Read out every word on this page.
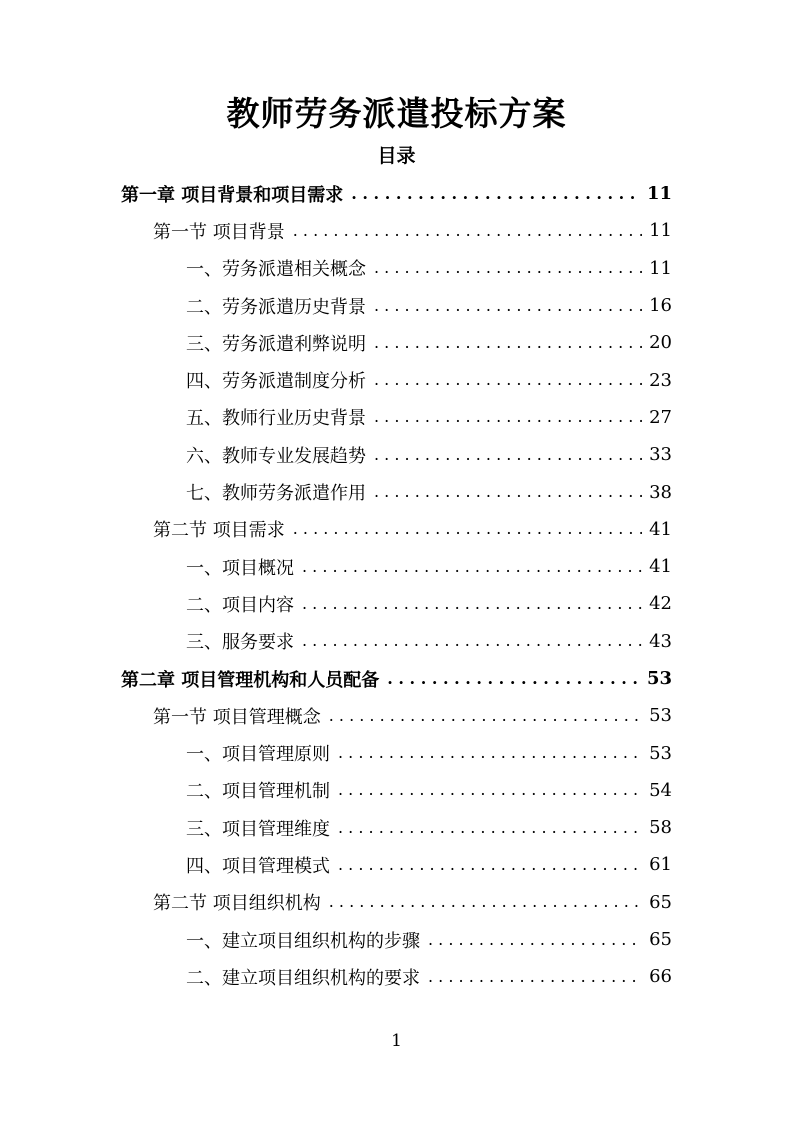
教师劳务派遣投标方案
目录
第一章 项目背景和项目需求 . . .	11
第一节 项目背景 . . .	11
一、劳务派遣相关概念 . . .	11
二、劳务派遣历史背景 . . .	16
三、劳务派遣利弊说明 . . .	20
四、劳务派遣制度分析 . . .	23
五、教师行业历史背景 . . .	27
六、教师专业发展趋势 . . .	33
七、教师劳务派遣作用 . . .	38
第二节 项目需求 . . .	41
一、项目概况 . . .	41
二、项目内容 . . .	42
三、服务要求 . . .	43
第二章 项目管理机构和人员配备 . . .	53
第一节 项目管理概念 . . .	53
一、项目管理原则 . . .	53
二、项目管理机制 . . .	54
三、项目管理维度 . . .	58
四、项目管理模式 . . .	61
第二节 项目组织机构 . . .	65
一、建立项目组织机构的步骤 . . .	65
二、建立项目组织机构的要求 . . .	66
1
